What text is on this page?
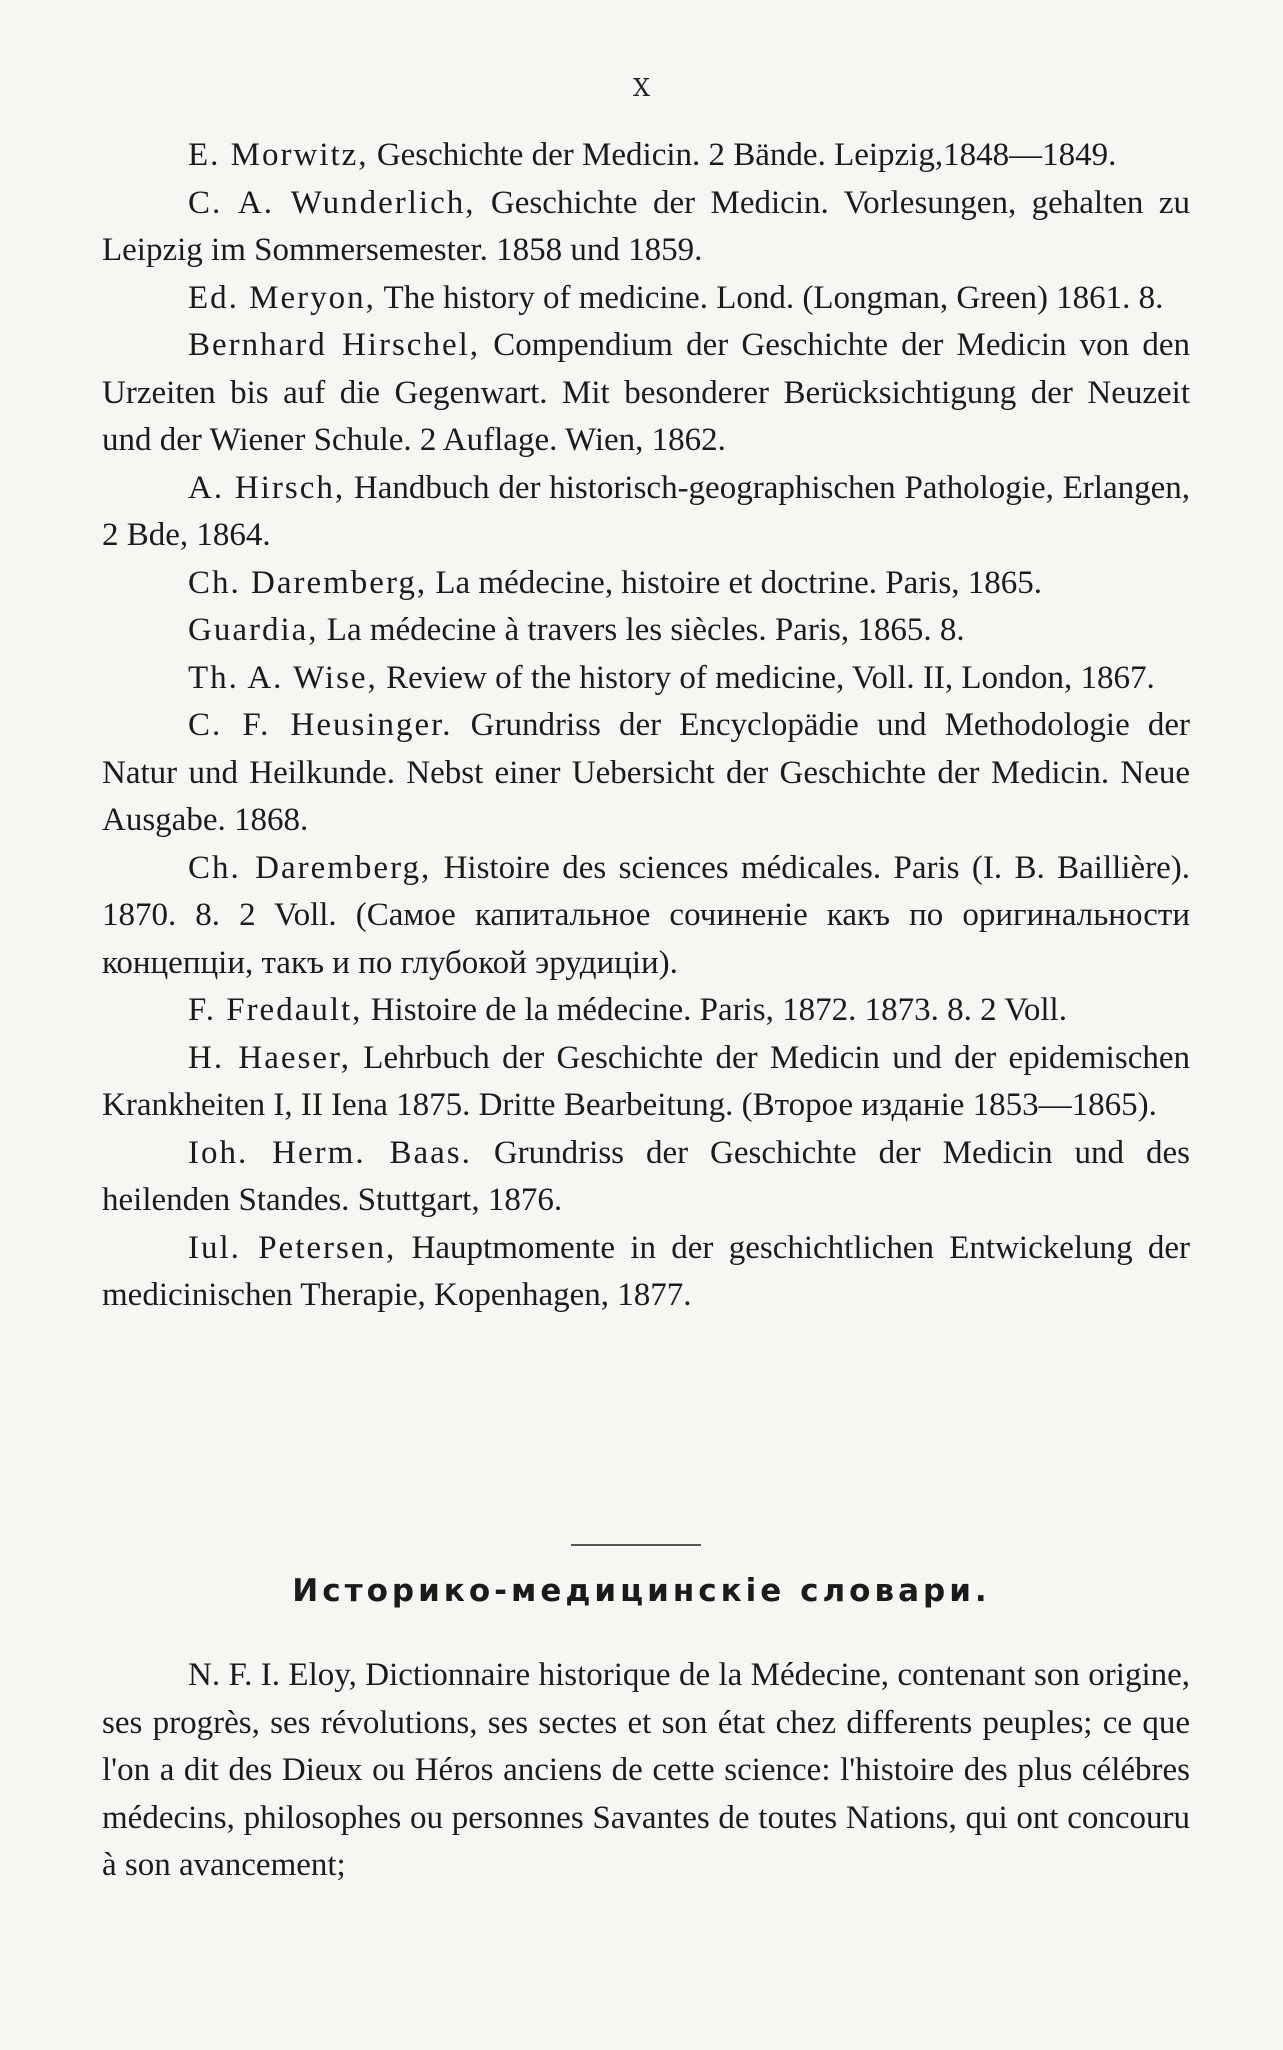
X

E. Morwitz, Geschichte der Medicin. 2 Bände. Leipzig,1848—1849.

C. A. Wunderlich, Geschichte der Medicin. Vorlesungen, gehalten zu Leipzig im Sommersemester. 1858 und 1859.

Ed. Meryon, The history of medicine. Lond. (Longman, Green) 1861. 8.

Bernhard Hirschel, Compendium der Geschichte der Medicin von den Urzeiten bis auf die Gegenwart. Mit besonderer Berücksichtigung der Neuzeit und der Wiener Schule. 2 Auflage. Wien, 1862.

A. Hirsch, Handbuch der historisch-geographischen Pathologie, Erlangen, 2 Bde, 1864.

Ch. Daremberg, La médecine, histoire et doctrine. Paris, 1865.

Guardia, La médecine à travers les siècles. Paris, 1865. 8.

Th. A. Wise, Review of the history of medicine, Voll. II, London, 1867.

C. F. Heusinger. Grundriss der Encyclopädie und Methodologie der Natur und Heilkunde. Nebst einer Uebersicht der Geschichte der Medicin. Neue Ausgabe. 1868.

Ch. Daremberg, Histoire des sciences médicales. Paris (I. B. Baillière). 1870. 8. 2 Voll. (Самое капитальное сочиненіе какъ по оригинальности концепціи, такъ и по глубокой эрудиціи).

F. Fredault, Histoire de la médecine. Paris, 1872. 1873. 8. 2 Voll.

H. Haeser, Lehrbuch der Geschichte der Medicin und der epidemischen Krankheiten I, II Iena 1875. Dritte Bearbeitung. (Второе изданіе 1853—1865).

Ioh. Herm. Baas. Grundriss der Geschichte der Medicin und des heilenden Standes. Stuttgart, 1876.

Iul. Petersen, Hauptmomente in der geschichtlichen Entwickelung der medicinischen Therapie, Kopenhagen, 1877.

Историко-медицинскіе словари.

N. F. I. Eloy, Dictionnaire historique de la Médecine, contenant son origine, ses progrès, ses révolutions, ses sectes et son état chez differents peuples; ce que l'on a dit des Dieux ou Héros anciens de cette science: l'histoire des plus célébres médecins, philosophes ou personnes Savantes de toutes Nations, qui ont concouru à son avancement;
